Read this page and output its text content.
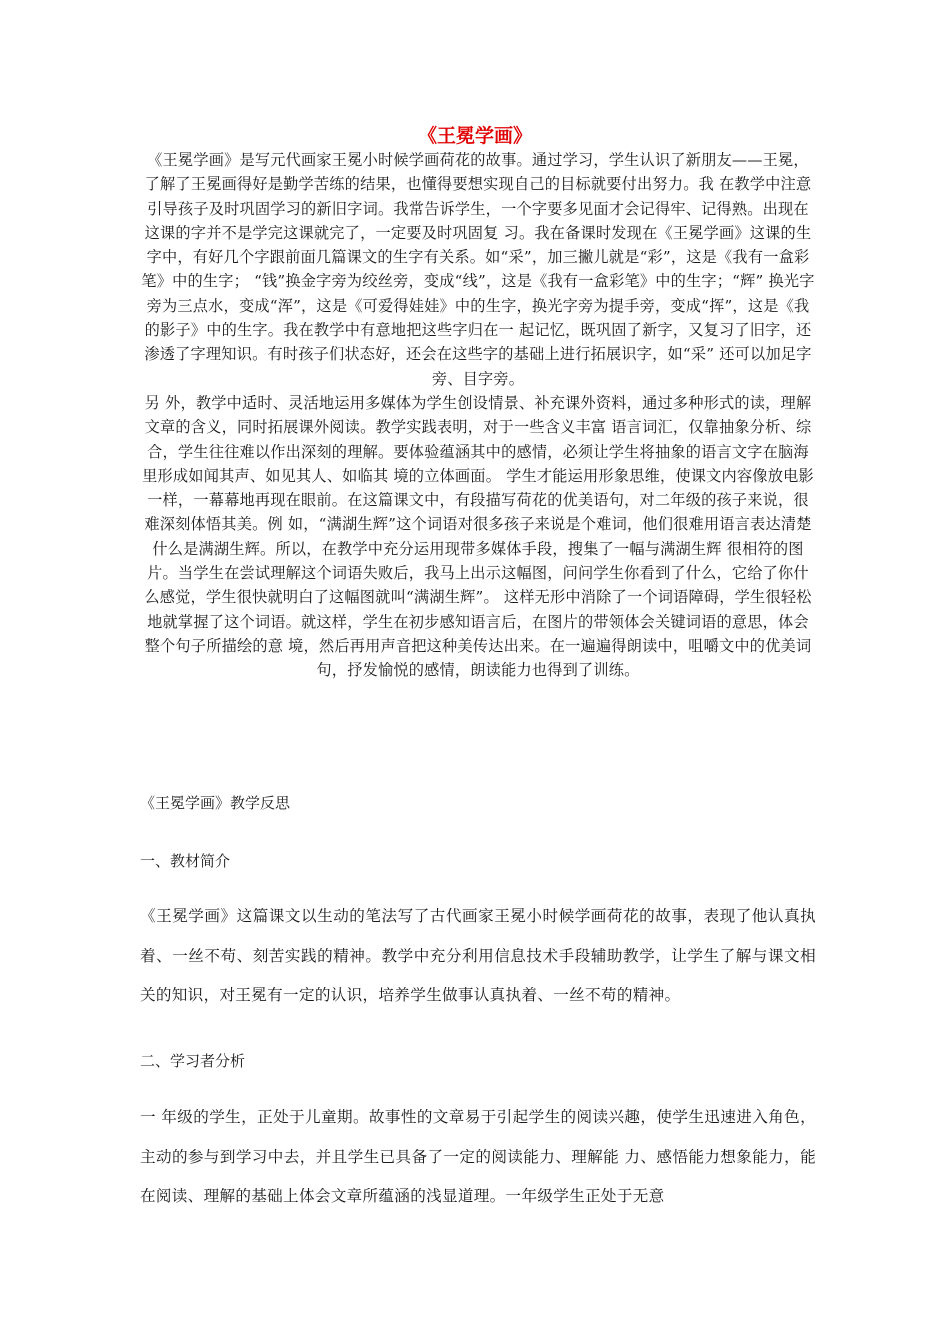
《王冕学画》

《王冕学画》是写元代画家王冕小时候学画荷花的故事。通过学习，学生认识了新朋友——王冕，了解了王冕画得好是勤学苦练的结果，也懂得要想实现自己的目标就要付出努力。我 在教学中注意引导孩子及时巩固学习的新旧字词。我常告诉学生，一个字要多见面才会记得牢、记得熟。出现在这课的字并不是学完这课就完了，一定要及时巩固复 习。我在备课时发现在《王冕学画》这课的生字中，有好几个字跟前面几篇课文的生字有关系。如“采”，加三撇儿就是“彩”，这是《我有一盒彩笔》中的生字； “钱”换金字旁为绞丝旁，变成“线”，这是《我有一盒彩笔》中的生字；“辉” 换光字旁为三点水，变成“浑”，这是《可爱得娃娃》中的生字，换光字旁为提手旁，变成“挥”，这是《我的影子》中的生字。我在教学中有意地把这些字归在一 起记忆，既巩固了新字，又复习了旧字，还渗透了字理知识。有时孩子们状态好，还会在这些字的基础上进行拓展识字，如“采” 还可以加足字旁、目字旁。

另 外，教学中适时、灵活地运用多媒体为学生创设情景、补充课外资料，通过多种形式的读，理解文章的含义，同时拓展课外阅读。教学实践表明，对于一些含义丰富 语言词汇，仅靠抽象分析、综合，学生往往难以作出深刻的理解。要体验蕴涵其中的感情，必须让学生将抽象的语言文字在脑海里形成如闻其声、如见其人、如临其 境的立体画面。 学生才能运用形象思维，使课文内容像放电影一样，一幕幕地再现在眼前。在这篇课文中，有段描写荷花的优美语句，对二年级的孩子来说，很难深刻体悟其美。例 如，“满湖生辉”这个词语对很多孩子来说是个难词，他们很难用语言表达清楚什么是满湖生辉。所以，在教学中充分运用现带多媒体手段，搜集了一幅与满湖生辉 很相符的图片。当学生在尝试理解这个词语失败后，我马上出示这幅图，问问学生你看到了什么，它给了你什么感觉，学生很快就明白了这幅图就叫“满湖生辉”。 这样无形中消除了一个词语障碍，学生很轻松地就掌握了这个词语。就这样，学生在初步感知语言后，在图片的带领体会关键词语的意思，体会整个句子所描绘的意 境，然后再用声音把这种美传达出来。在一遍遍得朗读中，咀嚼文中的优美词句，抒发愉悦的感情，朗读能力也得到了训练。

《王冕学画》教学反思

一、教材简介

《王冕学画》这篇课文以生动的笔法写了古代画家王冕小时候学画荷花的故事，表现了他认真执着、一丝不苟、刻苦实践的精神。教学中充分利用信息技术手段辅助教学，让学生了解与课文相关的知识，对王冕有一定的认识，培养学生做事认真执着、一丝不苟的精神。

二、学习者分析

一 年级的学生，正处于儿童期。故事性的文章易于引起学生的阅读兴趣，使学生迅速进入角色，主动的参与到学习中去，并且学生已具备了一定的阅读能力、理解能 力、感悟能力想象能力，能在阅读、理解的基础上体会文章所蕴涵的浅显道理。一年级学生正处于无意
